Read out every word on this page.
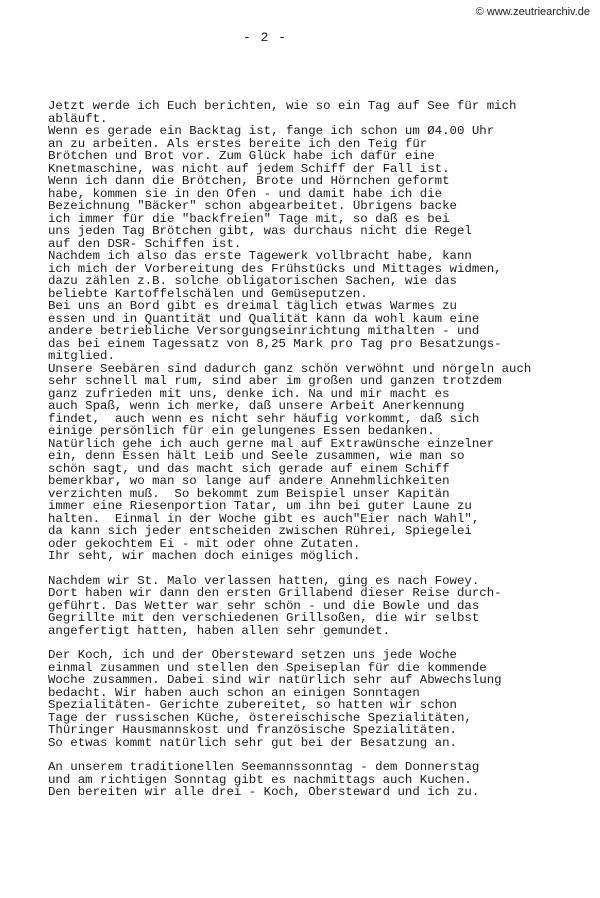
© www.zeutriearchiv.de
- 2 -
Jetzt werde ich Euch berichten, wie so ein Tag auf See für mich
abläuft.
Wenn es gerade ein Backtag ist, fange ich schon um Ø4.00 Uhr
an zu arbeiten. Als erstes bereite ich den Teig für
Brötchen und Brot vor. Zum Glück habe ich dafür eine
Knetmaschine, was nicht auf jedem Schiff der Fall ist.
Wenn ich dann die Brötchen, Brote und Hörnchen geformt
habe, kommen sie in den Ofen - und damit habe ich die
Bezeichnung "Bäcker" schon abgearbeitet. Übrigens backe
ich immer für die "backfreien" Tage mit, so daß es bei
uns jeden Tag Brötchen gibt, was durchaus nicht die Regel
auf den DSR- Schiffen ist.
Nachdem ich also das erste Tagewerk vollbracht habe, kann
ich mich der Vorbereitung des Frühstücks und Mittages widmen,
dazu zählen z.B. solche obligatorischen Sachen, wie das
beliebte Kartoffelschälen und Gemüseputzen.
Bei uns an Bord gibt es dreimal täglich etwas Warmes zu
essen und in Quantität und Qualität kann da wohl kaum eine
andere betriebliche Versorgungseinrichtung mithalten - und
das bei einem Tagessatz von 8,25 Mark pro Tag pro Besatzungs-
mitglied.
Unsere Seebären sind dadurch ganz schön verwöhnt und nörgeln auch
sehr schnell mal rum, sind aber im großen und ganzen trotzdem
ganz zufrieden mit uns, denke ich. Na und mir macht es
auch Spaß, wenn ich merke, daß unsere Arbeit Anerkennung
findet,  auch wenn es nicht sehr häufig vorkommt, daß sich
einige persönlich für ein gelungenes Essen bedanken.
Natürlich gehe ich auch gerne mal auf Extrawünsche einzelner
ein, denn Essen hält Leib und Seele zusammen, wie man so
schön sagt, und das macht sich gerade auf einem Schiff
bemerkbar, wo man so lange auf andere Annehmlichkeiten
verzichten muß.  So bekommt zum Beispiel unser Kapitän
immer eine Riesenportion Tatar, um ihn bei guter Laune zu
halten.  Einmal in der Woche gibt es auch"Eier nach Wahl",
da kann sich jeder entscheiden zwischen Rührei, Spiegelei
oder gekochtem Ei - mit oder ohne Zutaten.
Ihr seht, wir machen doch einiges möglich.
Nachdem wir St. Malo verlassen hatten, ging es nach Fowey.
Dort haben wir dann den ersten Grillabend dieser Reise durch-
geführt. Das Wetter war sehr schön - und die Bowle und das
Gegrillte mit den verschiedenen Grillsoßen, die wir selbst
angefertigt hatten, haben allen sehr gemundet.
Der Koch, ich und der Obersteward setzen uns jede Woche
einmal zusammen und stellen den Speiseplan für die kommende
Woche zusammen. Dabei sind wir natürlich sehr auf Abwechslung
bedacht. Wir haben auch schon an einigen Sonntagen
Spezialitäten- Gerichte zubereitet, so hatten wir schon
Tage der russischen Küche, östereischische Spezialitäten,
Thüringer Hausmannskost und französische Spezialitäten.
So etwas kommt natürlich sehr gut bei der Besatzung an.
An unserem traditionellen Seemannssonntag - dem Donnerstag
und am richtigen Sonntag gibt es nachmittags auch Kuchen.
Den bereiten wir alle drei - Koch, Obersteward und ich zu.
